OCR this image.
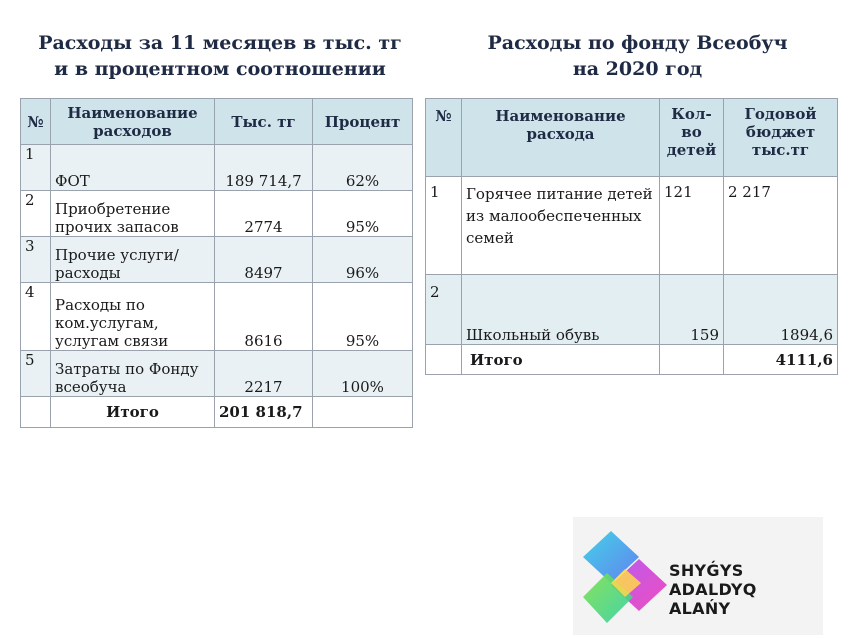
Расходы за 11 месяцев в тыс. тг
и в процентном соотношении
Расходы по фонду Всеобуч
на 2020 год
№	Наименование расходов	Тыс. тг	Процент
1	ФОТ	189 714,7	62%
2	Приобретение прочих запасов	2774	95%
3	Прочие услуги/расходы	8497	96%
4	Расходы по ком.услугам, услугам связи	8616	95%
5	Затраты по Фонду всеобуча	2217	100%
	Итого	201 818,7	
№	Наименование расхода	Кол-во детей	Годовой бюджет тыс.тг
1	Горячее питание детей из малообеспеченных семей	121	2 217
2	Школьный обувь	159	1894,6
	Итого		4111,6
SHYǴYS
ADALDYQ ALAŃY
